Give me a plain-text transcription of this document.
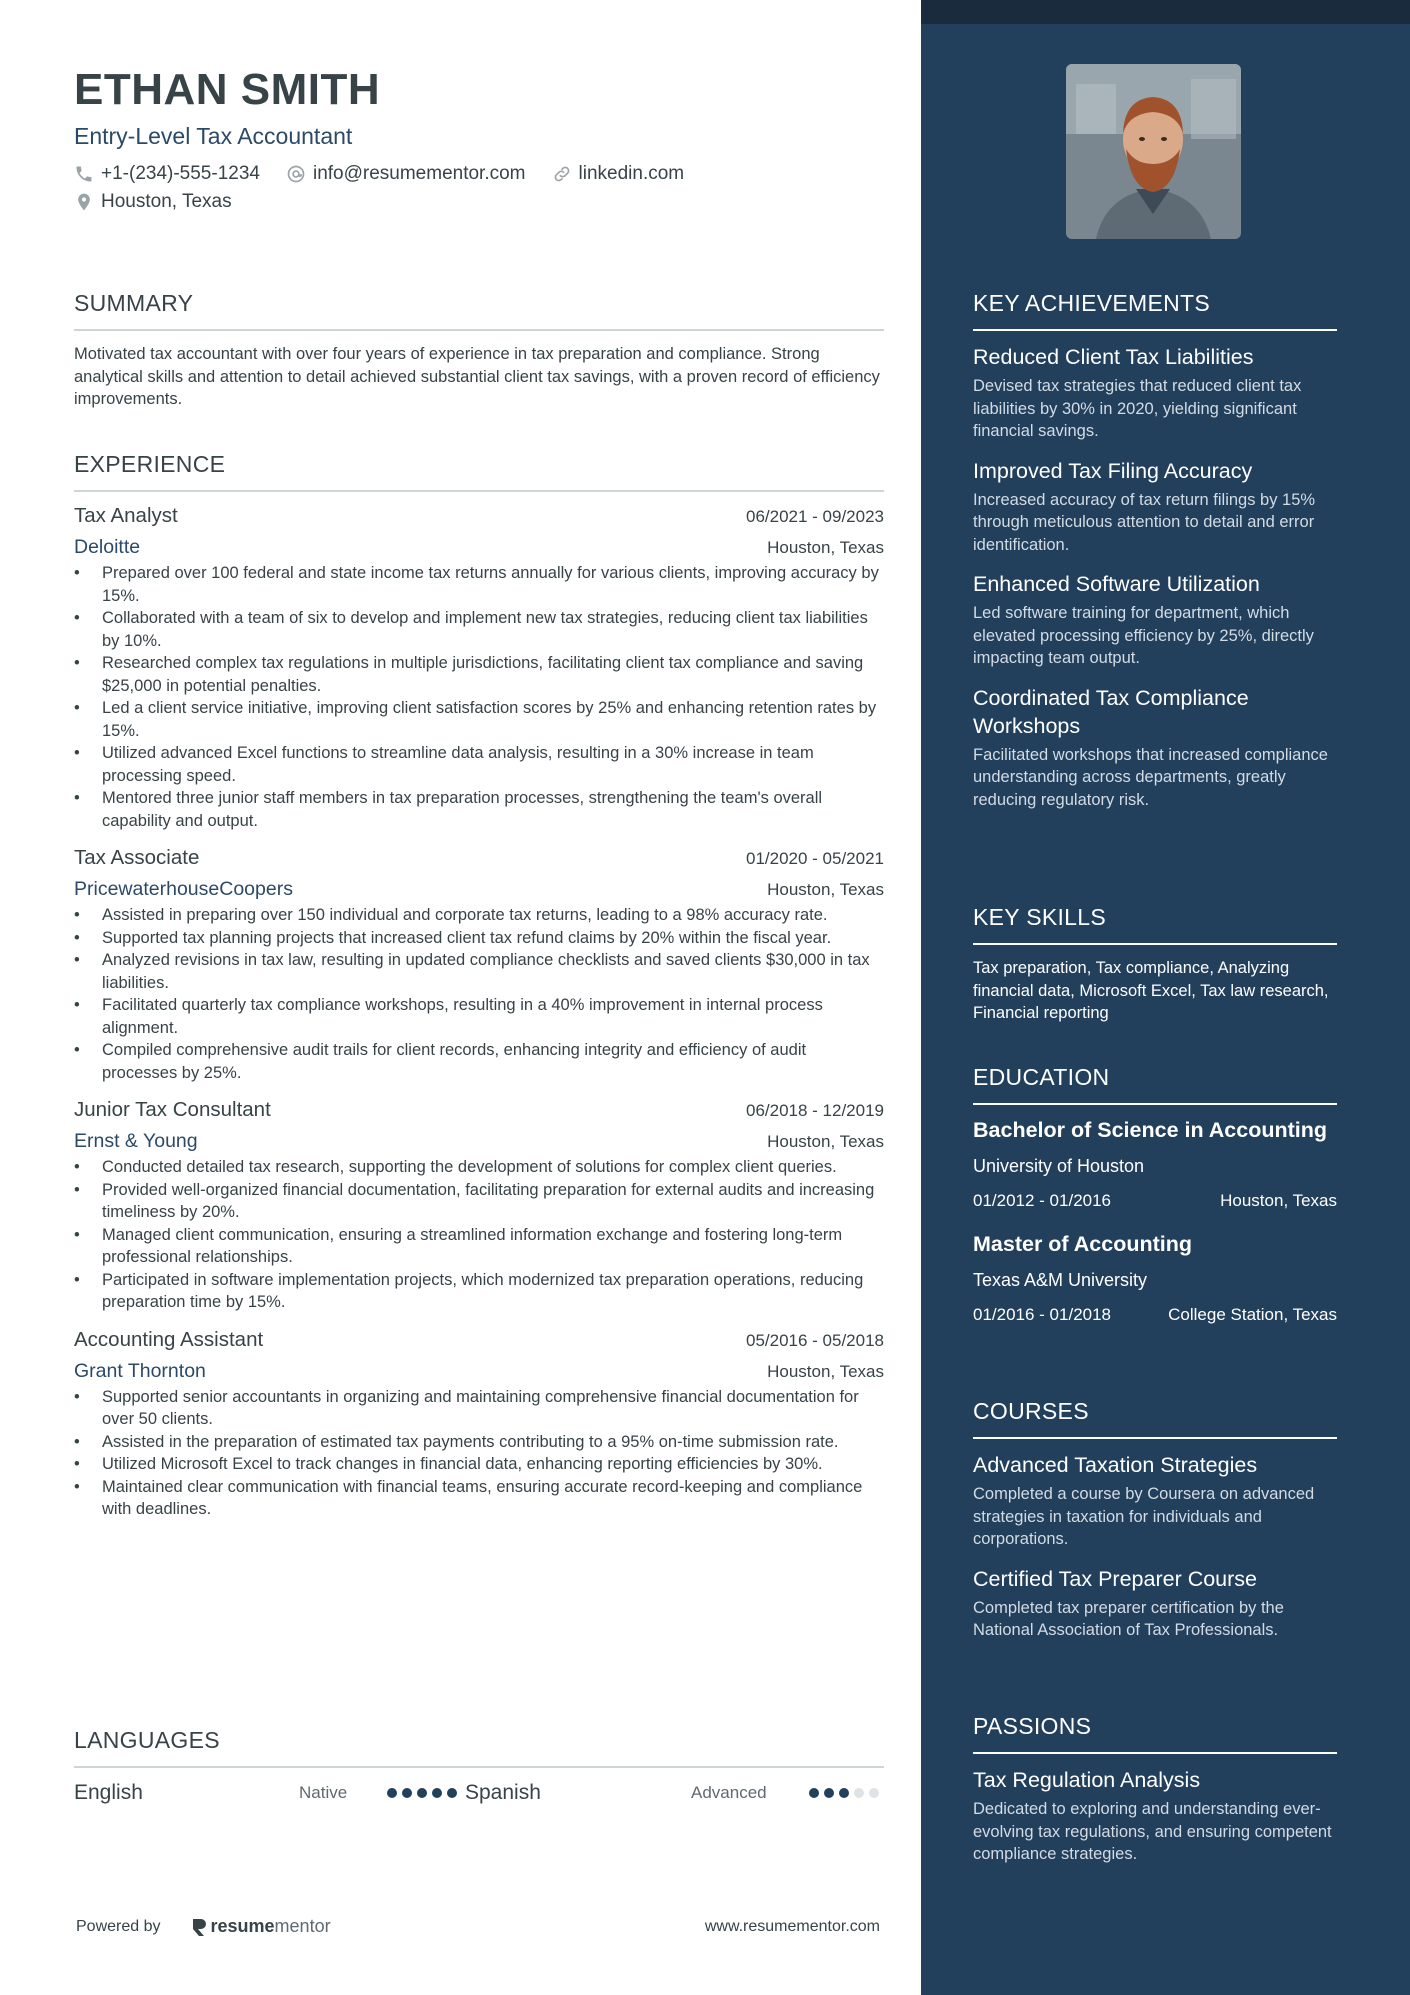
ETHAN SMITH
Entry-Level Tax Accountant
+1-(234)-555-1234	info@resumementor.com	linkedin.com
Houston, Texas
SUMMARY
Motivated tax accountant with over four years of experience in tax preparation and compliance. Strong analytical skills and attention to detail achieved substantial client tax savings, with a proven record of efficiency improvements.
EXPERIENCE
Tax Analyst	06/2021 - 09/2023
Deloitte	Houston, Texas
• Prepared over 100 federal and state income tax returns annually for various clients, improving accuracy by 15%.
• Collaborated with a team of six to develop and implement new tax strategies, reducing client tax liabilities by 10%.
• Researched complex tax regulations in multiple jurisdictions, facilitating client tax compliance and saving $25,000 in potential penalties.
• Led a client service initiative, improving client satisfaction scores by 25% and enhancing retention rates by 15%.
• Utilized advanced Excel functions to streamline data analysis, resulting in a 30% increase in team processing speed.
• Mentored three junior staff members in tax preparation processes, strengthening the team's overall capability and output.
Tax Associate	01/2020 - 05/2021
PricewaterhouseCoopers	Houston, Texas
• Assisted in preparing over 150 individual and corporate tax returns, leading to a 98% accuracy rate.
• Supported tax planning projects that increased client tax refund claims by 20% within the fiscal year.
• Analyzed revisions in tax law, resulting in updated compliance checklists and saved clients $30,000 in tax liabilities.
• Facilitated quarterly tax compliance workshops, resulting in a 40% improvement in internal process alignment.
• Compiled comprehensive audit trails for client records, enhancing integrity and efficiency of audit processes by 25%.
Junior Tax Consultant	06/2018 - 12/2019
Ernst & Young	Houston, Texas
• Conducted detailed tax research, supporting the development of solutions for complex client queries.
• Provided well-organized financial documentation, facilitating preparation for external audits and increasing timeliness by 20%.
• Managed client communication, ensuring a streamlined information exchange and fostering long-term professional relationships.
• Participated in software implementation projects, which modernized tax preparation operations, reducing preparation time by 15%.
Accounting Assistant	05/2016 - 05/2018
Grant Thornton	Houston, Texas
• Supported senior accountants in organizing and maintaining comprehensive financial documentation for over 50 clients.
• Assisted in the preparation of estimated tax payments contributing to a 95% on-time submission rate.
• Utilized Microsoft Excel to track changes in financial data, enhancing reporting efficiencies by 30%.
• Maintained clear communication with financial teams, ensuring accurate record-keeping and compliance with deadlines.
LANGUAGES
English	Native	Spanish	Advanced
Powered by	resume mentor	www.resumementor.com
KEY ACHIEVEMENTS
Reduced Client Tax Liabilities
Devised tax strategies that reduced client tax liabilities by 30% in 2020, yielding significant financial savings.
Improved Tax Filing Accuracy
Increased accuracy of tax return filings by 15% through meticulous attention to detail and error identification.
Enhanced Software Utilization
Led software training for department, which elevated processing efficiency by 25%, directly impacting team output.
Coordinated Tax Compliance Workshops
Facilitated workshops that increased compliance understanding across departments, greatly reducing regulatory risk.
KEY SKILLS
Tax preparation, Tax compliance, Analyzing financial data, Microsoft Excel, Tax law research, Financial reporting
EDUCATION
Bachelor of Science in Accounting
University of Houston
01/2012 - 01/2016	Houston, Texas
Master of Accounting
Texas A&M University
01/2016 - 01/2018	College Station, Texas
COURSES
Advanced Taxation Strategies
Completed a course by Coursera on advanced strategies in taxation for individuals and corporations.
Certified Tax Preparer Course
Completed tax preparer certification by the National Association of Tax Professionals.
PASSIONS
Tax Regulation Analysis
Dedicated to exploring and understanding ever-evolving tax regulations, and ensuring competent compliance strategies.
